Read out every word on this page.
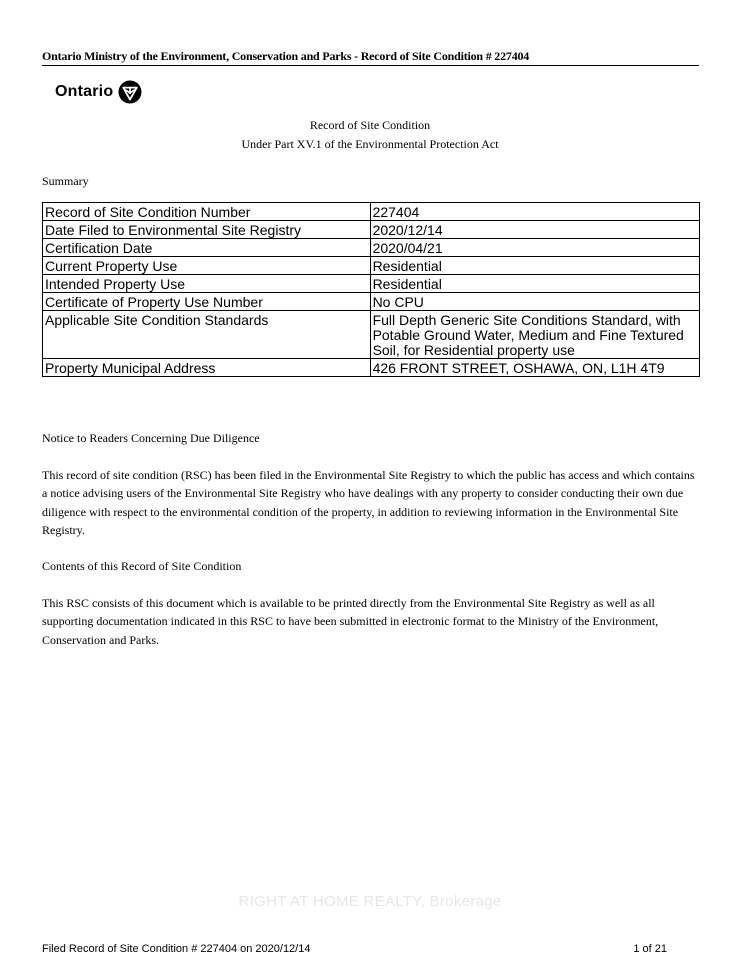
Ontario Ministry of the Environment, Conservation and Parks - Record of Site Condition # 227404
Ontario
Record of Site Condition
Under Part XV.1 of the Environmental Protection Act
Summary
Record of Site Condition Number	227404
Date Filed to Environmental Site Registry	2020/12/14
Certification Date	2020/04/21
Current Property Use	Residential
Intended Property Use	Residential
Certificate of Property Use Number	No CPU
Applicable Site Condition Standards	Full Depth Generic Site Conditions Standard, with Potable Ground Water, Medium and Fine Textured Soil, for Residential property use
Property Municipal Address	426 FRONT STREET, OSHAWA, ON, L1H 4T9
Notice to Readers Concerning Due Diligence
This record of site condition (RSC) has been filed in the Environmental Site Registry to which the public has access and which contains a notice advising users of the Environmental Site Registry who have dealings with any property to consider conducting their own due diligence with respect to the environmental condition of the property, in addition to reviewing information in the Environmental Site Registry.
Contents of this Record of Site Condition
This RSC consists of this document which is available to be printed directly from the Environmental Site Registry as well as all supporting documentation indicated in this RSC to have been submitted in electronic format to the Ministry of the Environment, Conservation and Parks.
RIGHT AT HOME REALTY, Brokerage
Filed Record of Site Condition # 227404 on 2020/12/14	1 of 21
